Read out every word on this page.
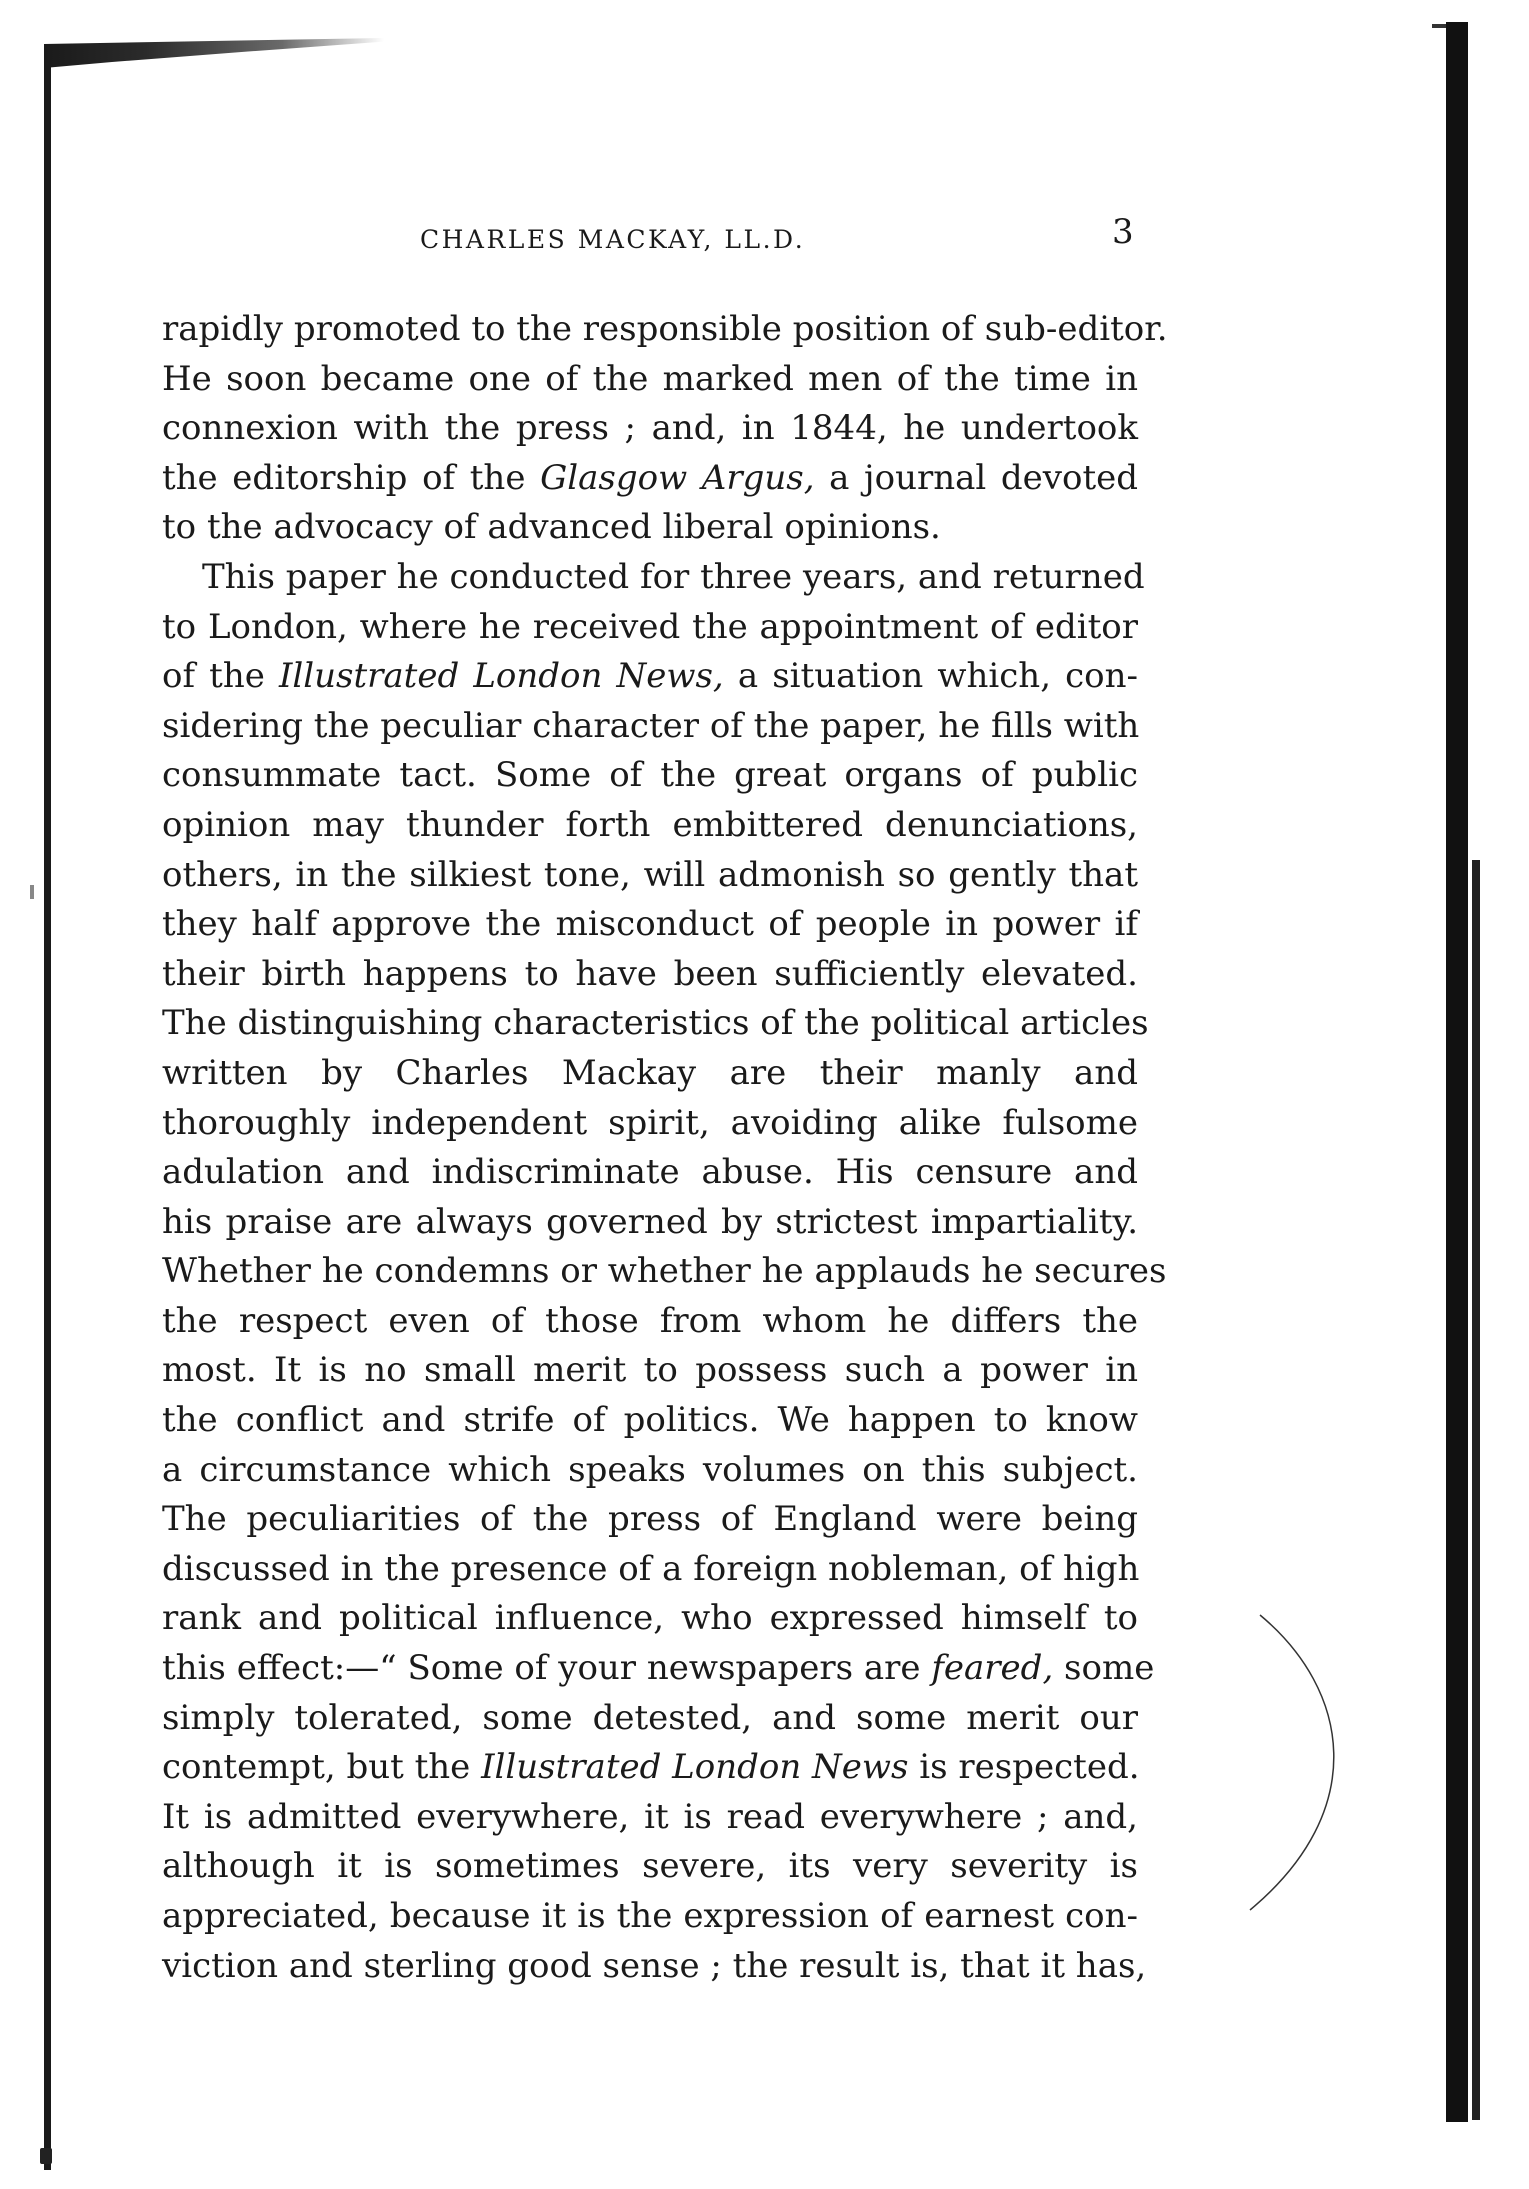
CHARLES MACKAY, LL.D.	3
rapidly promoted to the responsible position of sub-editor.
He soon became one of the marked men of the time in
connexion with the press ; and, in 1844, he undertook
the editorship of the Glasgow Argus, a journal devoted
to the advocacy of advanced liberal opinions.
This paper he conducted for three years, and returned
to London, where he received the appointment of editor
of the Illustrated London News, a situation which, con-
sidering the peculiar character of the paper, he fills with
consummate tact. Some of the great organs of public
opinion may thunder forth embittered denunciations,
others, in the silkiest tone, will admonish so gently that
they half approve the misconduct of people in power if
their birth happens to have been sufficiently elevated.
The distinguishing characteristics of the political articles
written by Charles Mackay are their manly and
thoroughly independent spirit, avoiding alike fulsome
adulation and indiscriminate abuse. His censure and
his praise are always governed by strictest impartiality.
Whether he condemns or whether he applauds he secures
the respect even of those from whom he differs the
most. It is no small merit to possess such a power in
the conflict and strife of politics. We happen to know
a circumstance which speaks volumes on this subject.
The peculiarities of the press of England were being
discussed in the presence of a foreign nobleman, of high
rank and political influence, who expressed himself to
this effect:—“ Some of your newspapers are feared, some
simply tolerated, some detested, and some merit our
contempt, but the Illustrated London News is respected.
It is admitted everywhere, it is read everywhere ; and,
although it is sometimes severe, its very severity is
appreciated, because it is the expression of earnest con-
viction and sterling good sense ; the result is, that it has,
